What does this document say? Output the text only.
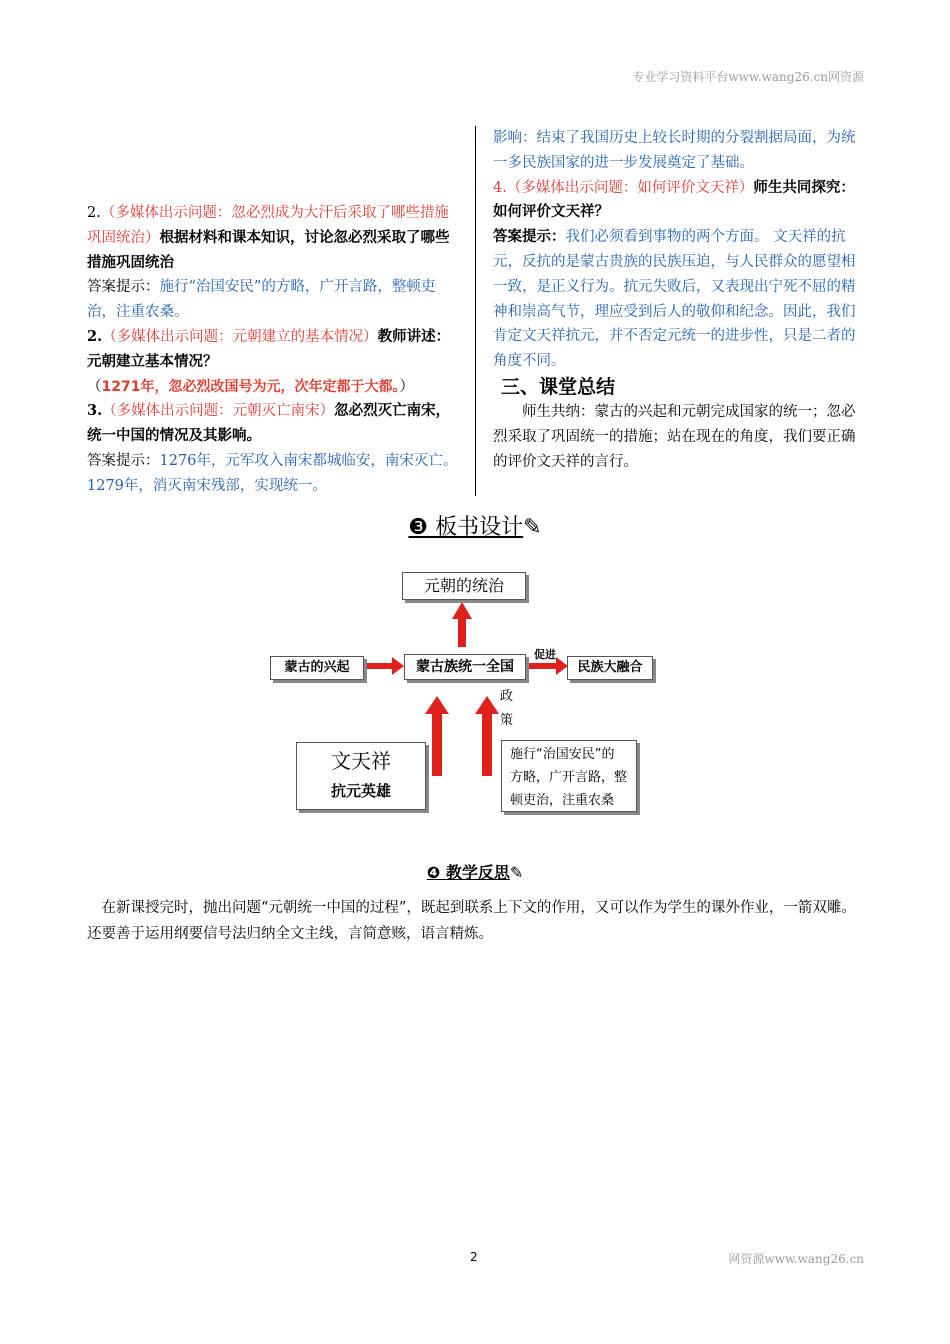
专业学习资料平台www.wang26.cn网资源

2.（多媒体出示问题：忽必烈成为大汗后采取了哪些措施巩固统治）根据材料和课本知识，讨论忽必烈采取了哪些措施巩固统治

答案提示：施行“治国安民”的方略，广开言路，整顿吏治，注重农桑。

2.（多媒体出示问题：元朝建立的基本情况）教师讲述：元朝建立基本情况？

（1271年，忽必烈改国号为元，次年定都于大都。）

3.（多媒体出示问题：元朝灭亡南宋）忽必烈灭亡南宋，统一中国的情况及其影响。

答案提示：1276年，元军攻入南宋都城临安，南宋灭亡。1279年，消灭南宋残部，实现统一。

影响：结束了我国历史上较长时期的分裂割据局面，为统一多民族国家的进一步发展奠定了基础。

4.（多媒体出示问题：如何评价文天祥）师生共同探究：如何评价文天祥？

答案提示：我们必须看到事物的两个方面。 文天祥的抗元，反抗的是蒙古贵族的民族压迫，与人民群众的愿望相一致，是正义行为。抗元失败后，又表现出宁死不屈的精神和崇高气节，理应受到后人的敬仰和纪念。因此，我们肯定文天祥抗元，并不否定元统一的进步性，只是二者的角度不同。

三、课堂总结

师生共纳：蒙古的兴起和元朝完成国家的统一；忽必烈采取了巩固统一的措施；站在现在的角度，我们要正确的评价文天祥的言行。

❸ 板书设计✎
元朝的统治
蒙古的兴起	蒙古族统一全国
促进
民族大融合
政
策
文天祥
抗元英雄
施行“治国安民”的
方略，广开言路，整
顿吏治，注重农桑
❹ 教学反思✎

在新课授完时，抛出问题“元朝统一中国的过程”，既起到联系上下文的作用，又可以作为学生的课外作业，一箭双雕。还要善于运用纲要信号法归纳全文主线，言简意赅，语言精炼。

2	网资源www.wang26.cn
